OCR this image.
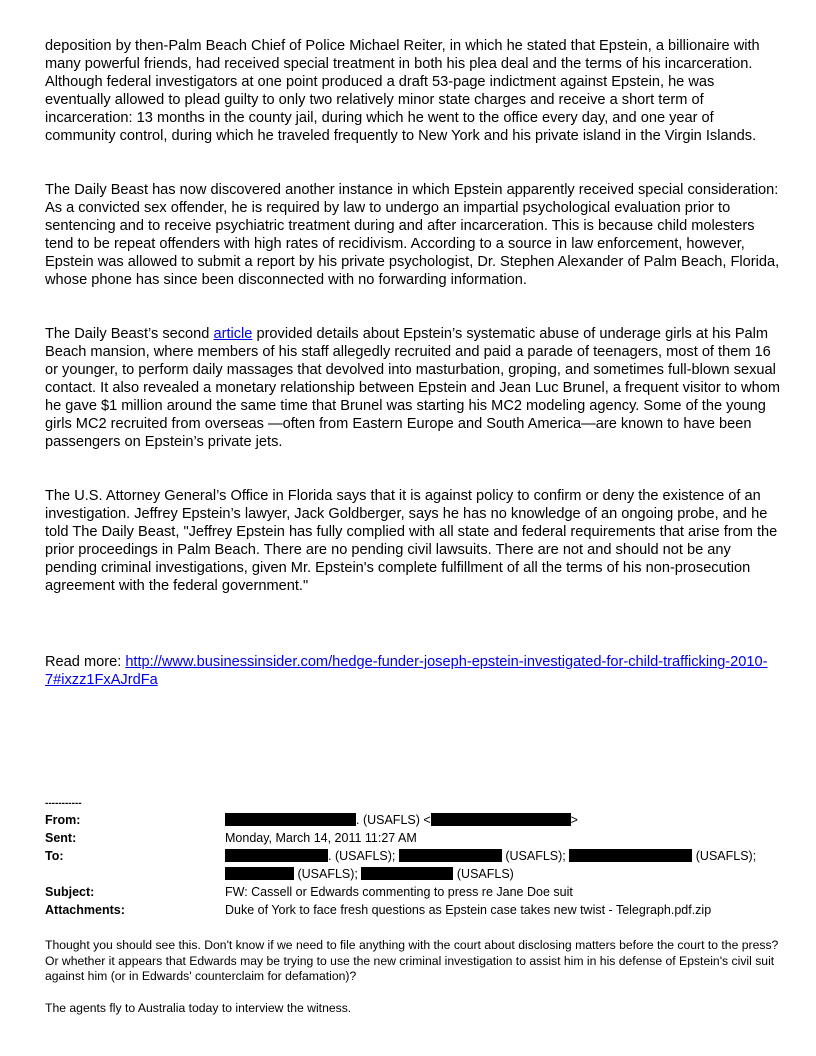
deposition by then-Palm Beach Chief of Police Michael Reiter, in which he stated that Epstein, a billionaire with many powerful friends, had received special treatment in both his plea deal and the terms of his incarceration. Although federal investigators at one point produced a draft 53-page indictment against Epstein, he was eventually allowed to plead guilty to only two relatively minor state charges and receive a short term of incarceration: 13 months in the county jail, during which he went to the office every day, and one year of community control, during which he traveled frequently to New York and his private island in the Virgin Islands.

The Daily Beast has now discovered another instance in which Epstein apparently received special consideration: As a convicted sex offender, he is required by law to undergo an impartial psychological evaluation prior to sentencing and to receive psychiatric treatment during and after incarceration. This is because child molesters tend to be repeat offenders with high rates of recidivism. According to a source in law enforcement, however, Epstein was allowed to submit a report by his private psychologist, Dr. Stephen Alexander of Palm Beach, Florida, whose phone has since been disconnected with no forwarding information.

The Daily Beast’s second article provided details about Epstein’s systematic abuse of underage girls at his Palm Beach mansion, where members of his staff allegedly recruited and paid a parade of teenagers, most of them 16 or younger, to perform daily massages that devolved into masturbation, groping, and sometimes full-blown sexual contact. It also revealed a monetary relationship between Epstein and Jean Luc Brunel, a frequent visitor to whom he gave $1 million around the same time that Brunel was starting his MC2 modeling agency. Some of the young girls MC2 recruited from overseas —often from Eastern Europe and South America—are known to have been passengers on Epstein’s private jets.

The U.S. Attorney General’s Office in Florida says that it is against policy to confirm or deny the existence of an investigation. Jeffrey Epstein’s lawyer, Jack Goldberger, says he has no knowledge of an ongoing probe, and he told The Daily Beast, "Jeffrey Epstein has fully complied with all state and federal requirements that arise from the prior proceedings in Palm Beach. There are no pending civil lawsuits. There are not and should not be any pending criminal investigations, given Mr. Epstein's complete fulfillment of all the terms of his non-prosecution agreement with the federal government."

Read more: http://www.businessinsider.com/hedge-funder-joseph-epstein-investigated-for-child-trafficking-2010-7#ixzz1FxAJrdFa

-----------
From:	. (USAFLS) <	>
Sent:	Monday, March 14, 2011 11:27 AM
To:	. (USAFLS);	(USAFLS);	(USAFLS);
(USAFLS);	(USAFLS)
Subject:	FW: Cassell or Edwards commenting to press re Jane Doe suit
Attachments:	Duke of York to face fresh questions as Epstein case takes new twist - Telegraph.pdf.zip

Thought you should see this. Don't know if we need to file anything with the court about disclosing matters before the court to the press? Or whether it appears that Edwards may be trying to use the new criminal investigation to assist him in his defense of Epstein's civil suit against him (or in Edwards' counterclaim for defamation)?

The agents fly to Australia today to interview the witness.
